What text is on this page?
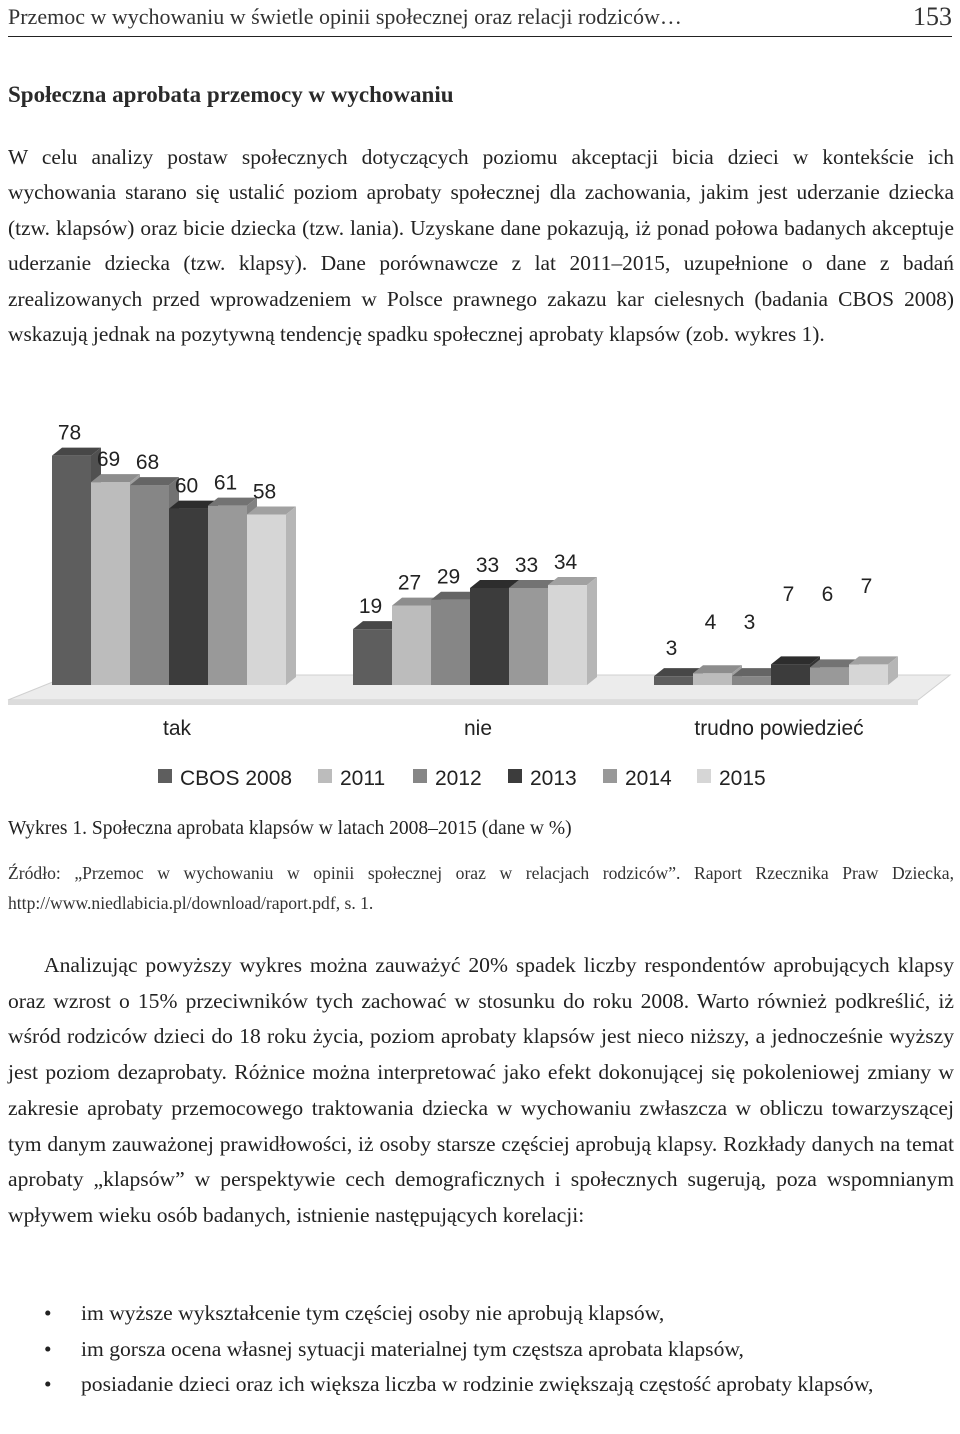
Przemoc w wychowaniu w świetle opinii społecznej oraz relacji rodziców…	153
Społeczna aprobata przemocy w wychowaniu

W celu analizy postaw społecznych dotyczących poziomu akceptacji bicia dzieci w kontekście ich wychowania starano się ustalić poziom aprobaty społecznej dla zachowania, jakim jest uderzanie dziecka (tzw. klapsów) oraz bicie dziecka (tzw. lania). Uzyskane dane pokazują, iż ponad połowa badanych akceptuje uderzanie dziecka (tzw. klapsy). Dane porównawcze z lat 2011–2015, uzupełnione o dane z badań zrealizowanych przed wprowadzeniem w Polsce prawnego zakazu kar cielesnych (badania CBOS 2008) wskazują jednak na pozytywną tendencję spadku społecznej aprobaty klapsów (zob. wykres 1).

78
19
3
69
27
4
68
29
3
60
33
7
61
33
6
58
34
7
tak	nie	trudno powiedzieć
CBOS 2008 2011 2012 2013 2014 2015
Wykres 1. Społeczna aprobata klapsów w latach 2008–2015 (dane w %)

Źródło: „Przemoc w wychowaniu w opinii społecznej oraz w relacjach rodziców”. Raport Rzecznika Praw Dziecka, http://www.niedlabicia.pl/download/raport.pdf, s. 1.

Analizując powyższy wykres można zauważyć 20% spadek liczby respondentów aprobujących klapsy oraz wzrost o 15% przeciwników tych zachować w stosunku do roku 2008. Warto również podkreślić, iż wśród rodziców dzieci do 18 roku życia, poziom aprobaty klapsów jest nieco niższy, a jednocześnie wyższy jest poziom dezaprobaty. Różnice można interpretować jako efekt dokonującej się pokoleniowej zmiany w zakresie aprobaty przemocowego traktowania dziecka w wychowaniu zwłaszcza w obliczu towarzyszącej tym danym zauważonej prawidłowości, iż osoby starsze częściej aprobują klapsy. Rozkłady danych na temat aprobaty „klapsów” w perspektywie cech demograficznych i społecznych sugerują, poza wspomnianym wpływem wieku osób badanych, istnienie następujących korelacji:

• im wyższe wykształcenie tym częściej osoby nie aprobują klapsów,
• im gorsza ocena własnej sytuacji materialnej tym częstsza aprobata klapsów,
• posiadanie dzieci oraz ich większa liczba w rodzinie zwiększają częstość aprobaty klapsów,
